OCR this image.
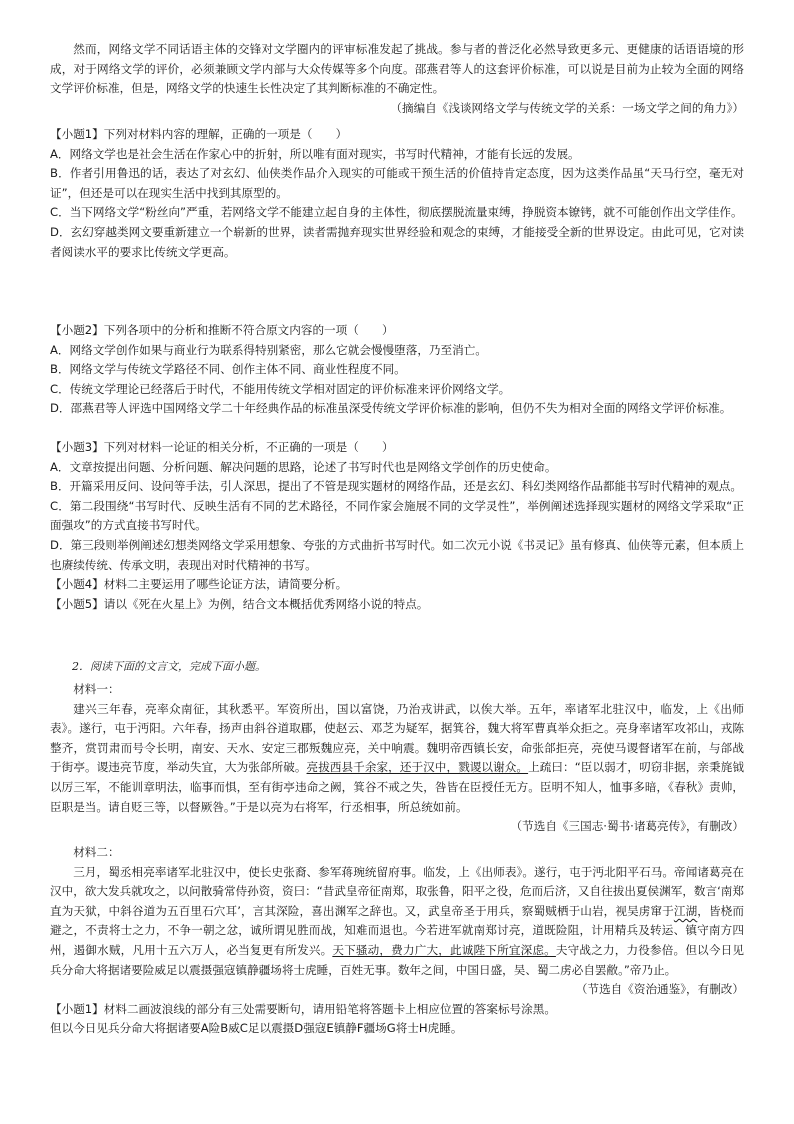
然而，网络文学不同话语主体的交锋对文学圈内的评审标准发起了挑战。参与者的普泛化必然导致更多元、更健康的话语语境的形成，对于网络文学的评价，必须兼顾文学内部与大众传媒等多个向度。邵燕君等人的这套评价标准，可以说是目前为止较为全面的网络文学评价标准，但是，网络文学的快速生长性决定了其判断标准的不确定性。

（摘编自《浅谈网络文学与传统文学的关系：一场文学之间的角力》）

【小题1】下列对材料内容的理解，正确的一项是（　　）

A．网络文学也是社会生活在作家心中的折射，所以唯有面对现实，书写时代精神，才能有长远的发展。

B．作者引用鲁迅的话，表达了对玄幻、仙侠类作品介入现实的可能或干预生活的价值持肯定态度，因为这类作品虽“天马行空，毫无对证”，但还是可以在现实生活中找到其原型的。

C．当下网络文学“粉丝向”严重，若网络文学不能建立起自身的主体性，彻底摆脱流量束缚，挣脱资本镣铐，就不可能创作出文学佳作。

D．玄幻穿越类网文要重新建立一个崭新的世界，读者需抛弃现实世界经验和观念的束缚，才能接受全新的世界设定。由此可见，它对读者阅读水平的要求比传统文学更高。

【小题2】下列各项中的分析和推断不符合原文内容的一项（　　）

A．网络文学创作如果与商业行为联系得特别紧密，那么它就会慢慢堕落，乃至消亡。

B．网络文学与传统文学路径不同、创作主体不同、商业性程度不同。

C．传统文学理论已经落后于时代，不能用传统文学相对固定的评价标准来评价网络文学。

D．邵燕君等人评选中国网络文学二十年经典作品的标准虽深受传统文学评价标准的影响，但仍不失为相对全面的网络文学评价标准。

【小题3】下列对材料一论证的相关分析，不正确的一项是（　　）

A．文章按提出问题、分析问题、解决问题的思路，论述了书写时代也是网络文学创作的历史使命。

B．开篇采用反问、设问等手法，引人深思，提出了不管是现实题材的网络作品，还是玄幻、科幻类网络作品都能书写时代精神的观点。

C．第二段围绕“书写时代、反映生活有不同的艺术路径，不同作家会施展不同的文学灵性”，举例阐述选择现实题材的网络文学采取“正面强攻”的方式直接书写时代。

D．第三段则举例阐述幻想类网络文学采用想象、夸张的方式曲折书写时代。如二次元小说《书灵记》虽有修真、仙侠等元素，但本质上也赓续传统、传承文明，表现出对时代精神的书写。

【小题4】材料二主要运用了哪些论证方法，请简要分析。

【小题5】请以《死在火星上》为例，结合文本概括优秀网络小说的特点。

2．阅读下面的文言文，完成下面小题。

材料一：

建兴三年春，亮率众南征，其秋悉平。军资所出，国以富饶，乃治戎讲武，以俟大举。五年，率诸军北驻汉中，临发，上《出师表》。遂行，屯于沔阳。六年春，扬声由斜谷道取郿，使赵云、邓芝为疑军，据箕谷，魏大将军曹真举众拒之。亮身率诸军攻祁山，戎陈整齐，赏罚肃而号令长明，南安、天水、安定三郡叛魏应亮，关中响震。魏明帝西镇长安，命张郃拒亮，亮使马谡督诸军在前，与郃战于街亭。谡违亮节度，举动失宜，大为张郃所破。亮拔西县千余家，还于汉中，戮谡以谢众。上疏曰：“臣以弱才，叨窃非据，亲秉旄钺以厉三军，不能训章明法，临事而惧，至有街亭违命之阙，箕谷不戒之失，咎皆在臣授任无方。臣明不知人，恤事多暗，《春秋》责帅，臣职是当。请自贬三等，以督厥咎。”于是以亮为右将军，行丞相事，所总统如前。

（节选自《三国志·蜀书·诸葛亮传》，有删改）

材料二：

三月，蜀丞相亮率诸军北驻汉中，使长史张裔、参军蒋琬统留府事。临发，上《出师表》。遂行，屯于沔北阳平石马。帝闻诸葛亮在汉中，欲大发兵就攻之，以问散骑常侍孙资，资曰：“昔武皇帝征南郑，取张鲁，阳平之役，危而后济，又自往拔出夏侯渊军，数言‘南郑直为天狱，中斜谷道为五百里石穴耳’，言其深险，喜出渊军之辞也。又，武皇帝圣于用兵，察蜀贼栖于山岩，视吴虏窜于江湖，皆桡而避之，不责将士之力，不争一朝之忿，诚所谓见胜而战，知难而退也。今若进军就南郑讨亮，道既险阻，计用精兵及转运、镇守南方四州，遏御水贼，凡用十五六万人，必当复更有所发兴。天下骚动，费力广大，此诚陛下所宜深虑。夫守战之力，力役参倍。但以今日见兵分命大将据诸要险威足以震摄强寇镇静疆场将士虎睡，百姓无事。数年之间，中国日盛，吴、蜀二虏必自罢敝。”帝乃止。

（节选自《资治通鉴》，有删改）

【小题1】材料二画波浪线的部分有三处需要断句，请用铅笔将答题卡上相应位置的答案标号涂黑。

但以今日见兵分命大将据诸要A险B威C足以震摄D强寇E镇静F疆场G将士H虎睡。
